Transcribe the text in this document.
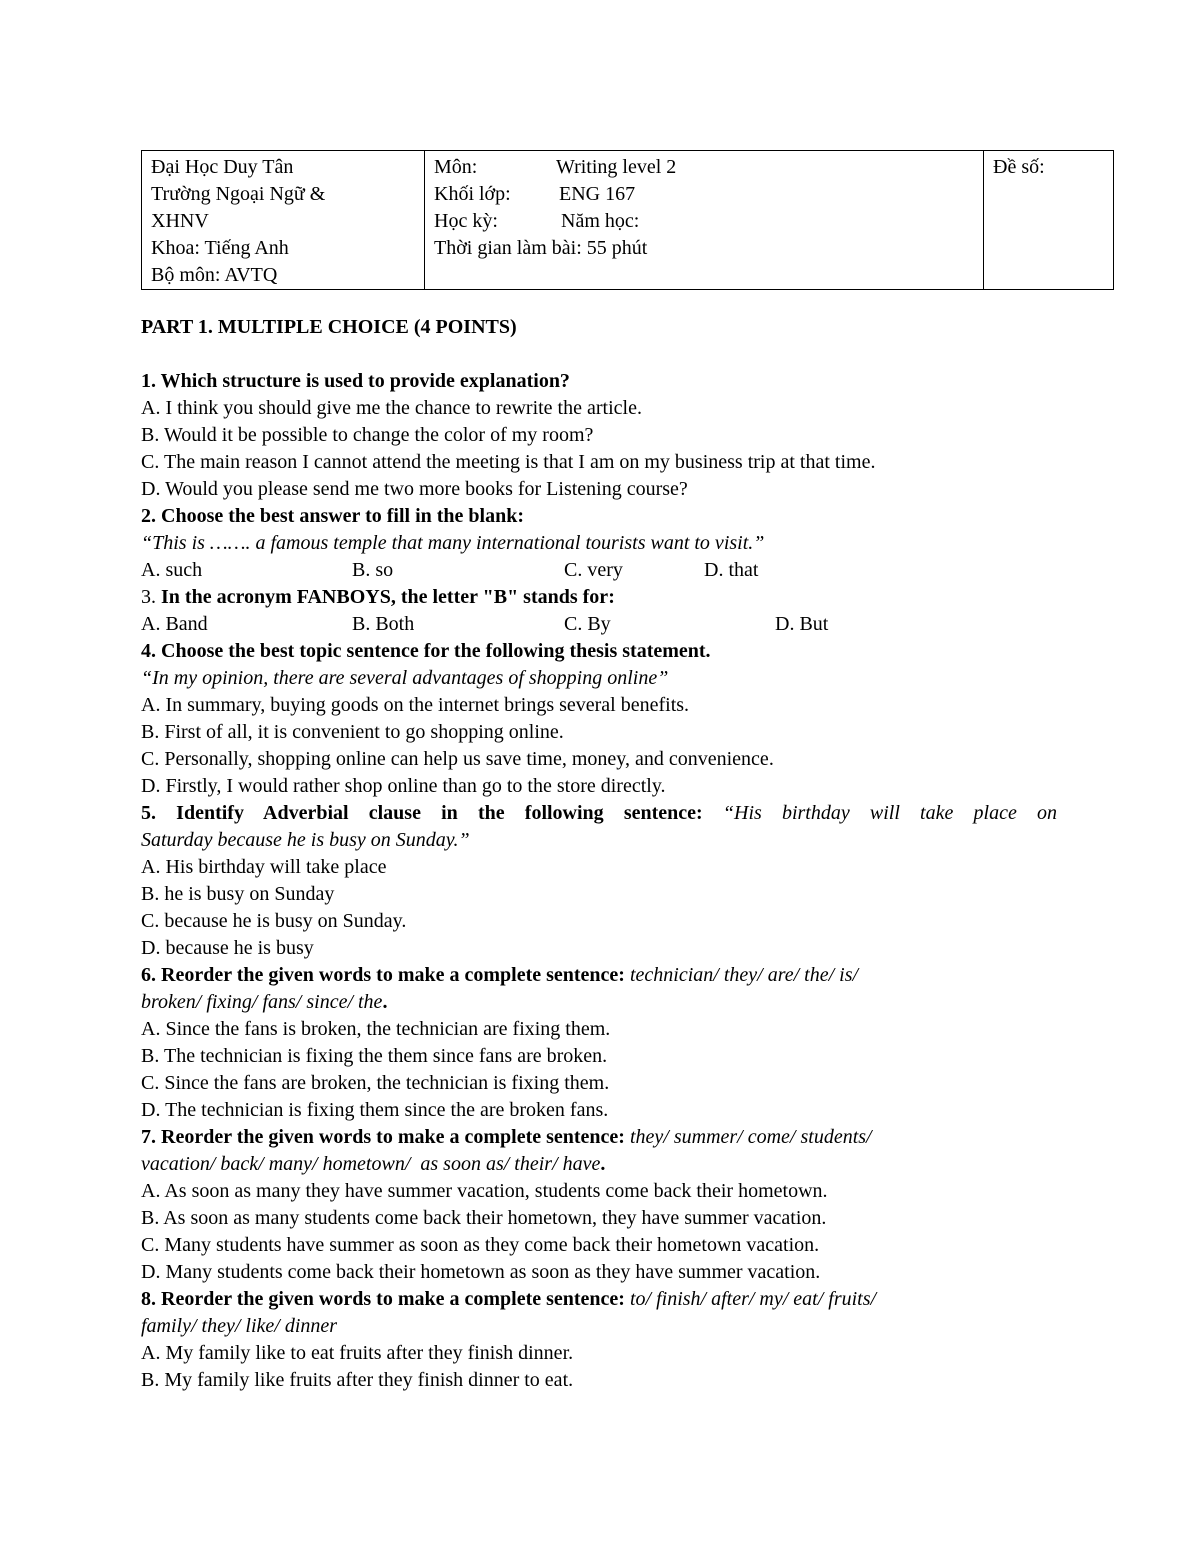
Đại Học Duy Tân
Trường Ngoại Ngữ &
XHNV
Khoa: Tiếng Anh
Bộ môn: AVTQ

Môn:	Writing level 2
Khối lớp: ENG 167
Học kỳ:	Năm học:
Thời gian làm bài: 55 phút

Đề số:
PART 1. MULTIPLE CHOICE (4 POINTS)
1. Which structure is used to provide explanation?
A. I think you should give me the chance to rewrite the article.
B. Would it be possible to change the color of my room?
C. The main reason I cannot attend the meeting is that I am on my business trip at that time.
D. Would you please send me two more books for Listening course?
2. Choose the best answer to fill in the blank:
“This is ……. a famous temple that many international tourists want to visit.”
A. such	B. so	C. very	D. that
3. In the acronym FANBOYS, the letter "B" stands for:
A. Band	B. Both	C. By	D. But
4. Choose the best topic sentence for the following thesis statement.
“In my opinion, there are several advantages of shopping online”
A. In summary, buying goods on the internet brings several benefits.
B. First of all, it is convenient to go shopping online.
C. Personally, shopping online can help us save time, money, and convenience.
D. Firstly, I would rather shop online than go to the store directly.
5. Identify Adverbial clause in the following sentence: “His birthday will take place on
Saturday because he is busy on Sunday.”
A. His birthday will take place
B. he is busy on Sunday
C. because he is busy on Sunday.
D. because he is busy
6. Reorder the given words to make a complete sentence: technician/ they/ are/ the/ is/
broken/ fixing/ fans/ since/ the.
A. Since the fans is broken, the technician are fixing them.
B. The technician is fixing the them since fans are broken.
C. Since the fans are broken, the technician is fixing them.
D. The technician is fixing them since the are broken fans.
7. Reorder the given words to make a complete sentence: they/ summer/ come/ students/
vacation/ back/ many/ hometown/  as soon as/ their/ have.
A. As soon as many they have summer vacation, students come back their hometown.
B. As soon as many students come back their hometown, they have summer vacation.
C. Many students have summer as soon as they come back their hometown vacation.
D. Many students come back their hometown as soon as they have summer vacation.
8. Reorder the given words to make a complete sentence: to/ finish/ after/ my/ eat/ fruits/
family/ they/ like/ dinner
A. My family like to eat fruits after they finish dinner.
B. My family like fruits after they finish dinner to eat.
